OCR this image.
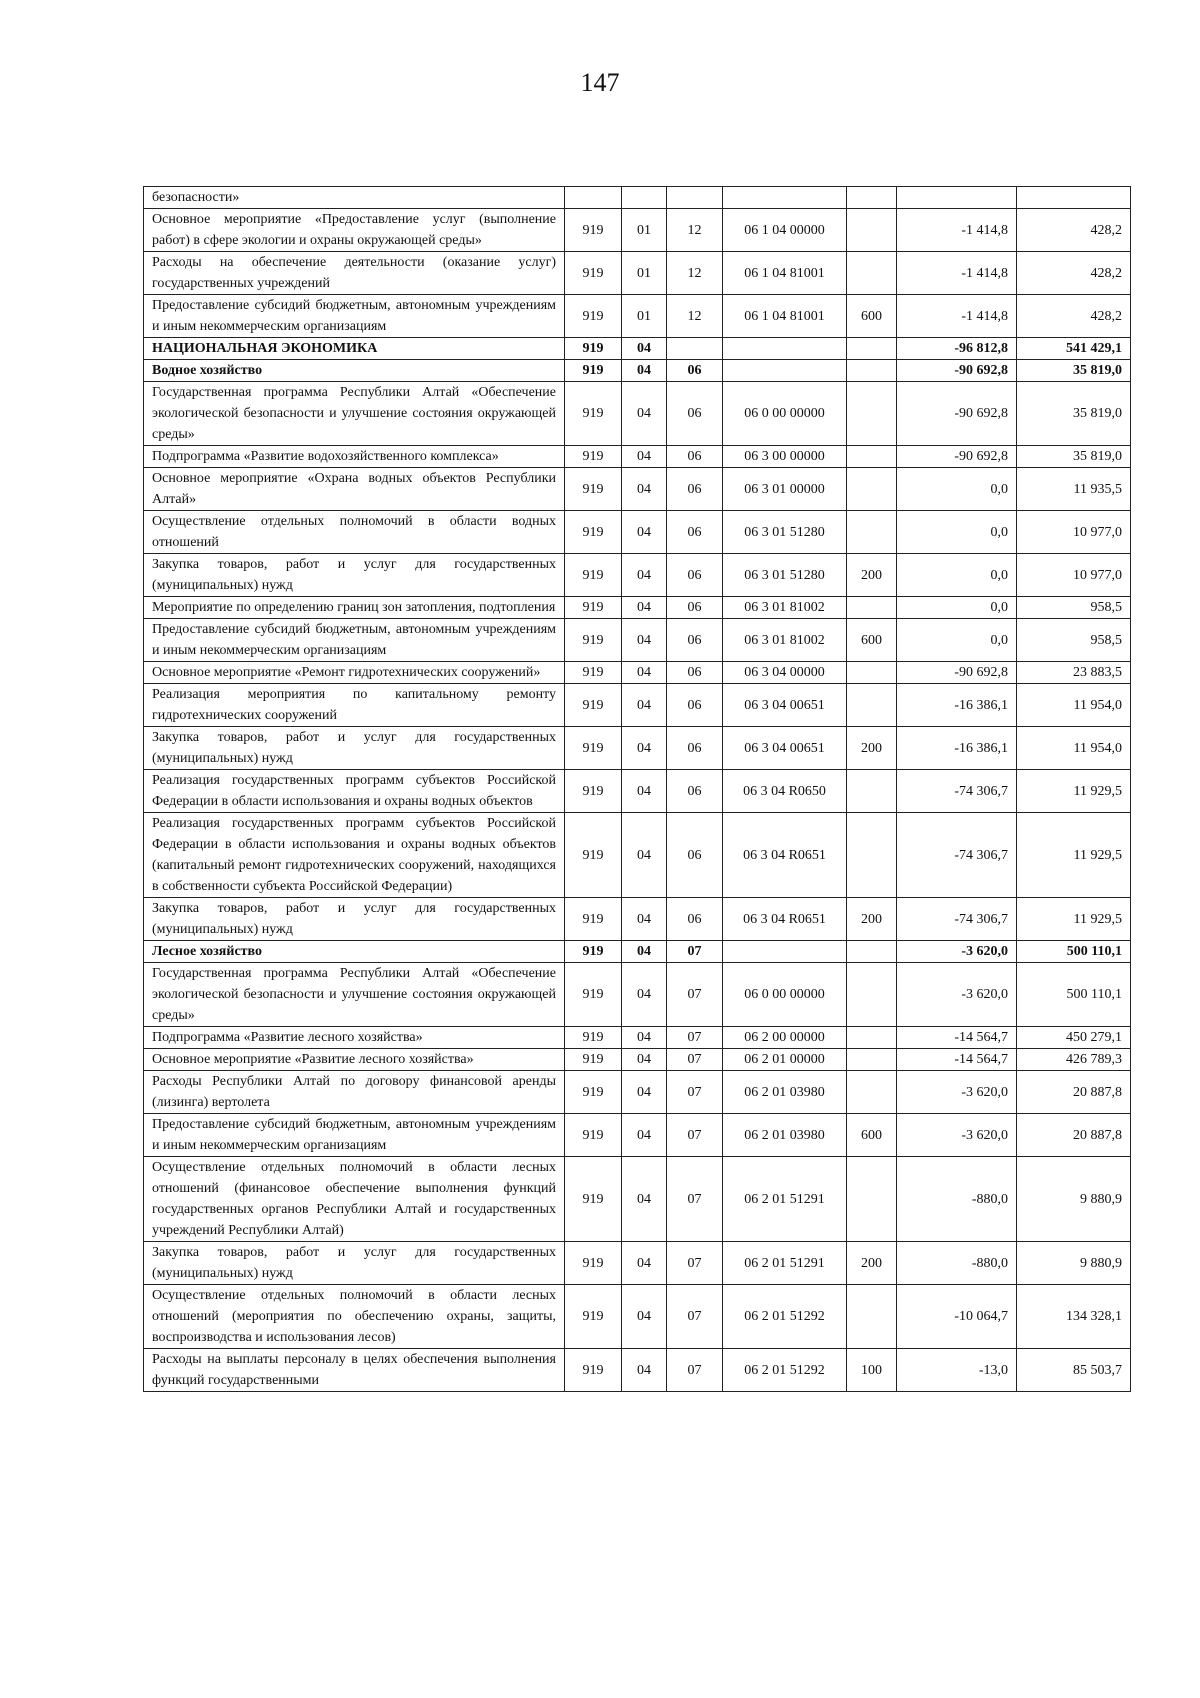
147
безопасности»							
Основное мероприятие «Предоставление услуг (выполнение работ) в сфере экологии и охраны окружающей среды»	919	01	12	06 1 04 00000		-1 414,8	428,2
Расходы на обеспечение деятельности (оказание услуг) государственных учреждений	919	01	12	06 1 04 81001		-1 414,8	428,2
Предоставление субсидий бюджетным, автономным учреждениям и иным некоммерческим организациям	919	01	12	06 1 04 81001	600	-1 414,8	428,2
НАЦИОНАЛЬНАЯ ЭКОНОМИКА	919	04				-96 812,8	541 429,1
Водное хозяйство	919	04	06			-90 692,8	35 819,0
Государственная программа Республики Алтай «Обеспечение экологической безопасности и улучшение состояния окружающей среды»	919	04	06	06 0 00 00000		-90 692,8	35 819,0
Подпрограмма «Развитие водохозяйственного комплекса»	919	04	06	06 3 00 00000		-90 692,8	35 819,0
Основное мероприятие «Охрана водных объектов Республики Алтай»	919	04	06	06 3 01 00000		0,0	11 935,5
Осуществление отдельных полномочий в области водных отношений	919	04	06	06 3 01 51280		0,0	10 977,0
Закупка товаров, работ и услуг для государственных (муниципальных) нужд	919	04	06	06 3 01 51280	200	0,0	10 977,0
Мероприятие по определению границ зон затопления, подтопления	919	04	06	06 3 01 81002		0,0	958,5
Предоставление субсидий бюджетным, автономным учреждениям и иным некоммерческим организациям	919	04	06	06 3 01 81002	600	0,0	958,5
Основное мероприятие «Ремонт гидротехнических сооружений»	919	04	06	06 3 04 00000		-90 692,8	23 883,5
Реализация мероприятия по капитальному ремонту гидротехнических сооружений	919	04	06	06 3 04 00651		-16 386,1	11 954,0
Закупка товаров, работ и услуг для государственных (муниципальных) нужд	919	04	06	06 3 04 00651	200	-16 386,1	11 954,0
Реализация государственных программ субъектов Российской Федерации в области использования и охраны водных объектов	919	04	06	06 3 04 R0650		-74 306,7	11 929,5
Реализация государственных программ субъектов Российской Федерации в области использования и охраны водных объектов (капитальный ремонт гидротехнических сооружений, находящихся в собственности субъекта Российской Федерации)	919	04	06	06 3 04 R0651		-74 306,7	11 929,5
Закупка товаров, работ и услуг для государственных (муниципальных) нужд	919	04	06	06 3 04 R0651	200	-74 306,7	11 929,5
Лесное хозяйство	919	04	07			-3 620,0	500 110,1
Государственная программа Республики Алтай «Обеспечение экологической безопасности и улучшение состояния окружающей среды»	919	04	07	06 0 00 00000		-3 620,0	500 110,1
Подпрограмма «Развитие лесного хозяйства»	919	04	07	06 2 00 00000		-14 564,7	450 279,1
Основное мероприятие «Развитие лесного хозяйства»	919	04	07	06 2 01 00000		-14 564,7	426 789,3
Расходы Республики Алтай по договору финансовой аренды (лизинга) вертолета	919	04	07	06 2 01 03980		-3 620,0	20 887,8
Предоставление субсидий бюджетным, автономным учреждениям и иным некоммерческим организациям	919	04	07	06 2 01 03980	600	-3 620,0	20 887,8
Осуществление отдельных полномочий в области лесных отношений (финансовое обеспечение выполнения функций государственных органов Республики Алтай и государственных учреждений Республики Алтай)	919	04	07	06 2 01 51291		-880,0	9 880,9
Закупка товаров, работ и услуг для государственных (муниципальных) нужд	919	04	07	06 2 01 51291	200	-880,0	9 880,9
Осуществление отдельных полномочий в области лесных отношений (мероприятия по обеспечению охраны, защиты, воспроизводства и использования лесов)	919	04	07	06 2 01 51292		-10 064,7	134 328,1
Расходы на выплаты персоналу в целях обеспечения выполнения функций государственными	919	04	07	06 2 01 51292	100	-13,0	85 503,7
